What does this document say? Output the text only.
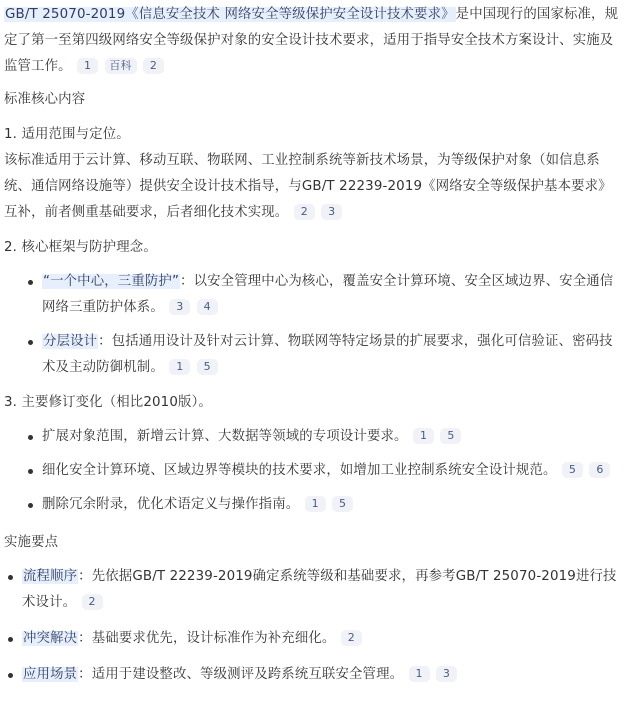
GB/T 25070-2019《信息安全技术 网络安全等级保护安全设计技术要求》是中国现行的国家标准，规定了第一至第四级网络安全等级保护对象的安全设计技术要求，适用于指导安全技术方案设计、实施及监管工作。 1 百科 2

标准核心内容
1. 适用范围与定位。

该标准适用于云计算、移动互联、物联网、工业控制系统等新技术场景，为等级保护对象（如信息系统、通信网络设施等）提供安全设计技术指导，与GB/T 22239-2019《网络安全等级保护基本要求》互补，前者侧重基础要求，后者细化技术实现。 2 3

2. 核心框架与防护理念。
“一个中心，三重防护”：以安全管理中心为核心，覆盖安全计算环境、安全区域边界、安全通信网络三重防护体系。 3 4
分层设计：包括通用设计及针对云计算、物联网等特定场景的扩展要求，强化可信验证、密码技术及主动防御机制。 1 5
3. 主要修订变化（相比2010版）。
扩展对象范围，新增云计算、大数据等领域的专项设计要求。 1 5
细化安全计算环境、区域边界等模块的技术要求，如增加工业控制系统安全设计规范。 5 6
删除冗余附录，优化术语定义与操作指南。 1 5
实施要点
流程顺序：先依据GB/T 22239-2019确定系统等级和基础要求，再参考GB/T 25070-2019进行技术设计。 2
冲突解决：基础要求优先，设计标准作为补充细化。 2
应用场景：适用于建设整改、等级测评及跨系统互联安全管理。 1 3
